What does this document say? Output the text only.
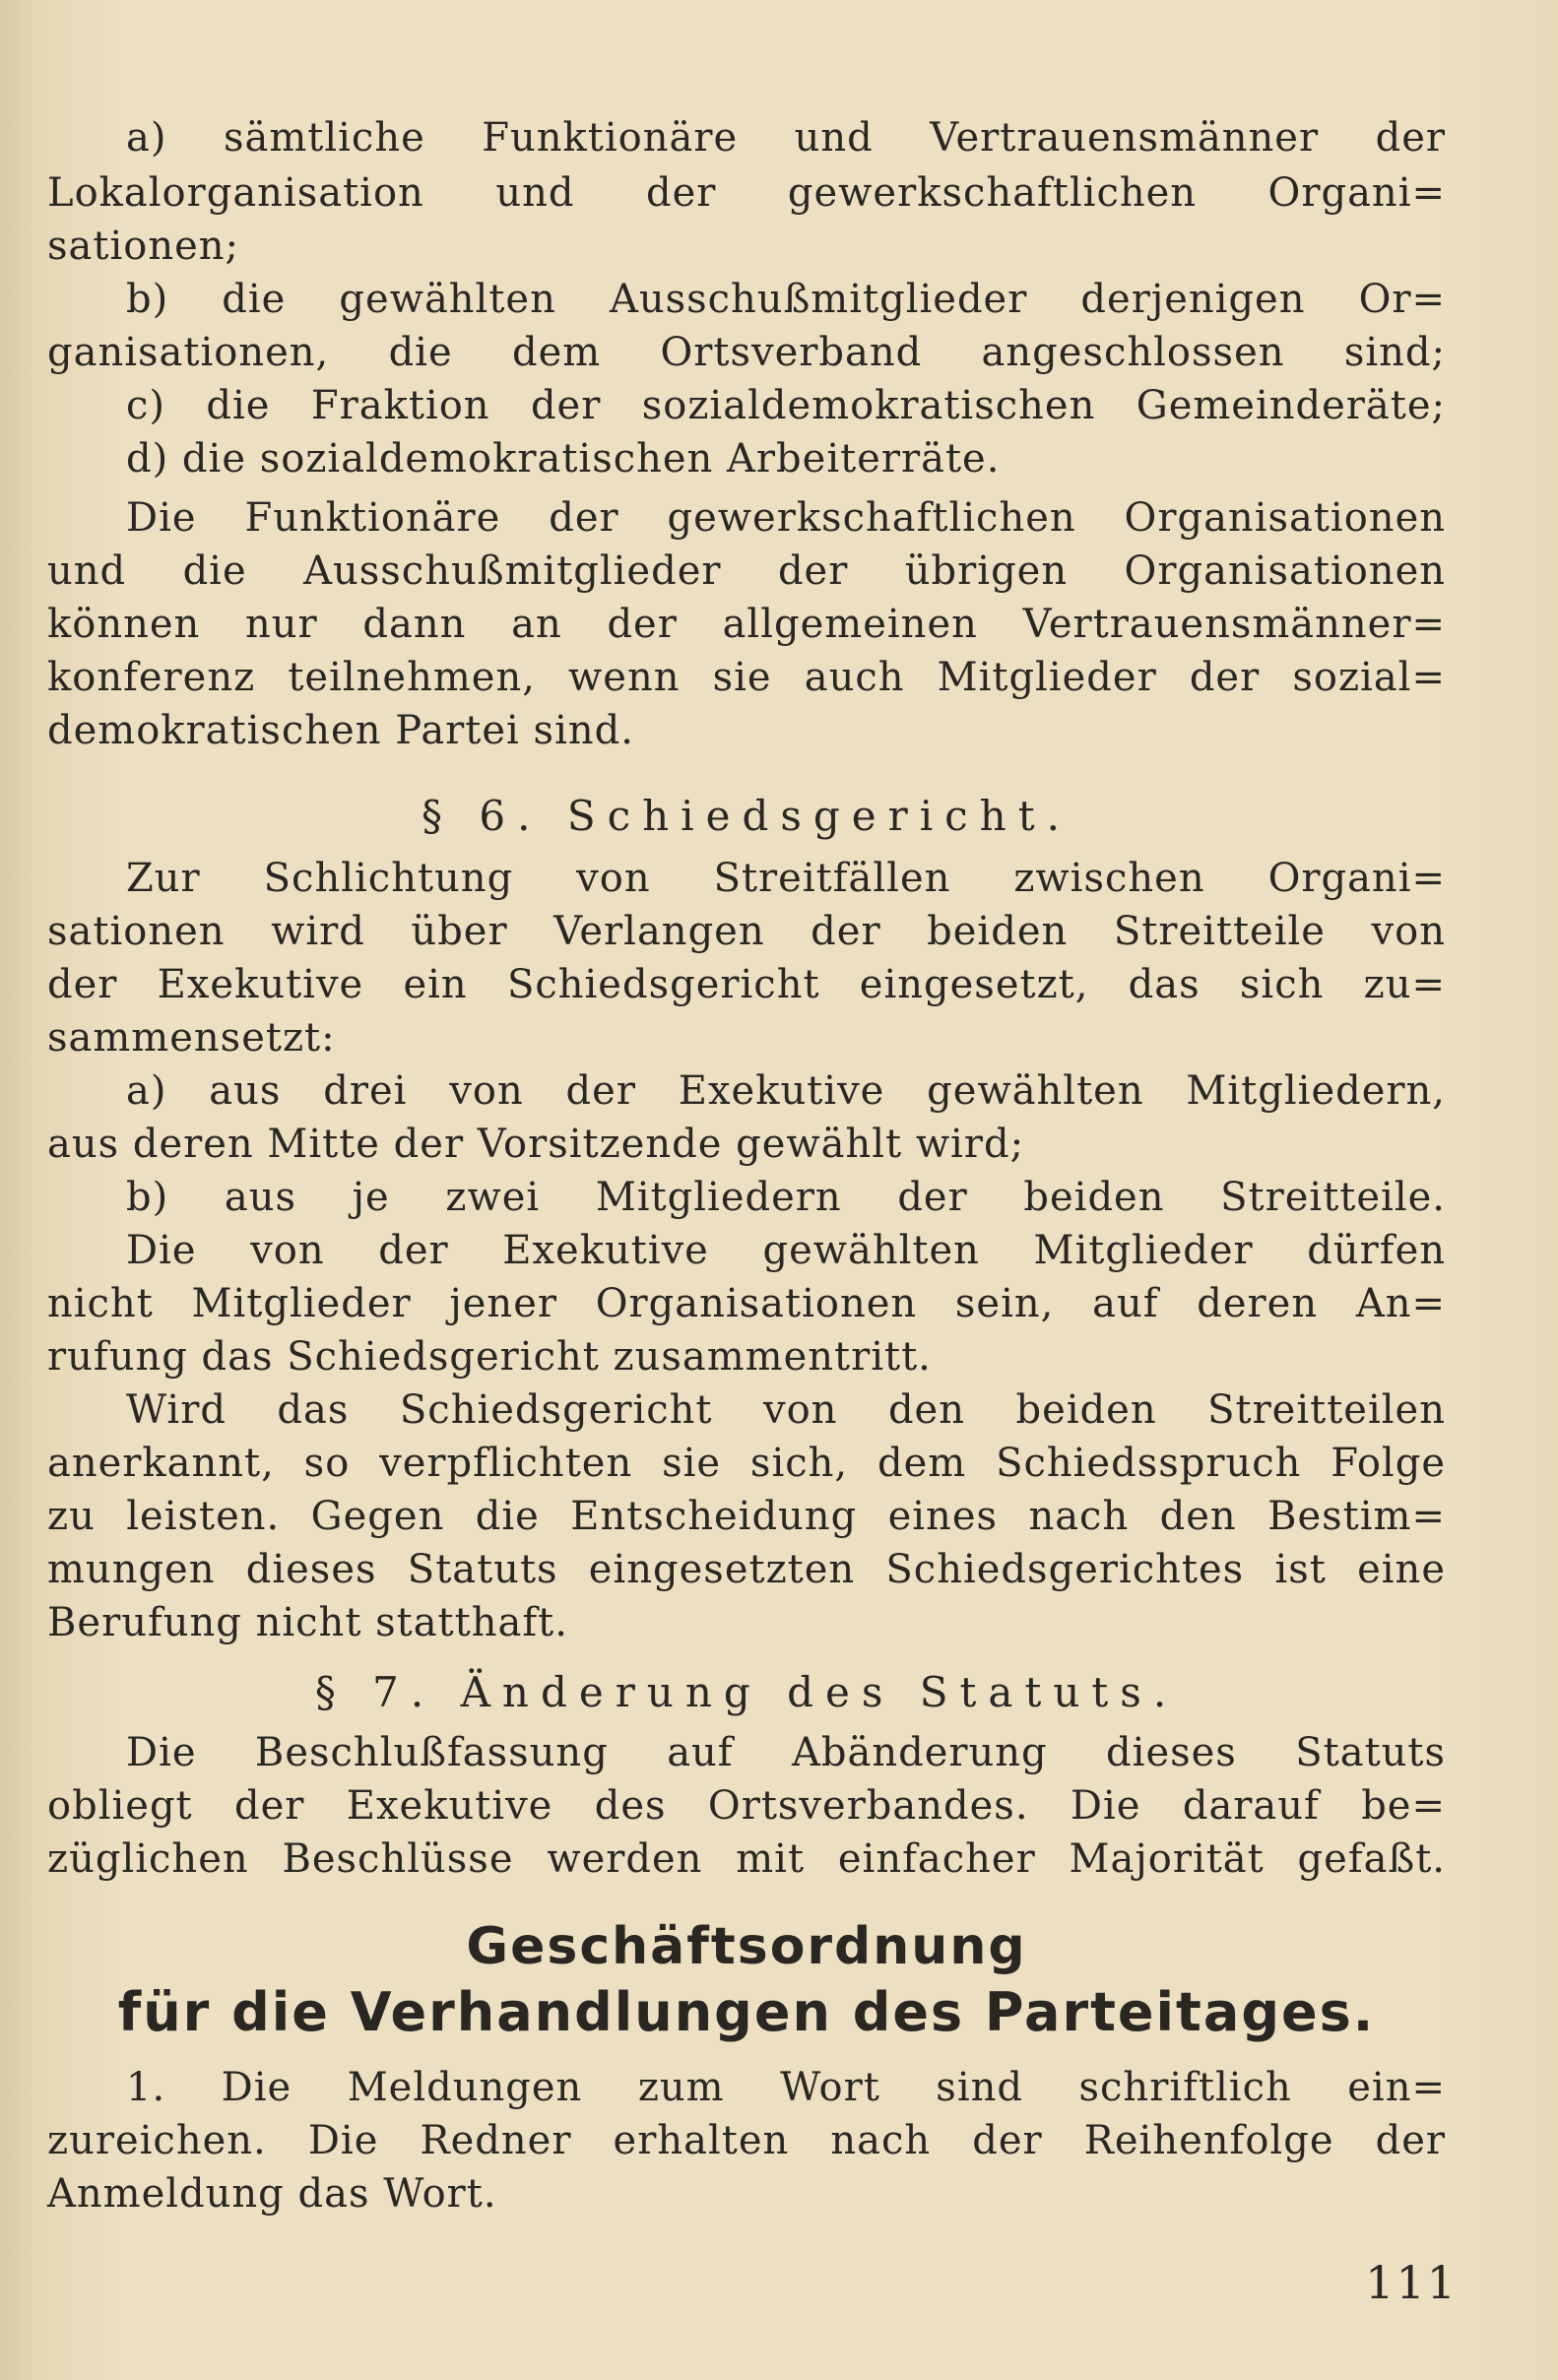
a) sämtliche Funktionäre und Vertrauensmänner der
Lokalorganisation und der gewerkschaftlichen Organi=
sationen;
b) die gewählten Ausschußmitglieder derjenigen Or=
ganisationen, die dem Ortsverband angeschlossen sind;
c) die Fraktion der sozialdemokratischen Gemeinderäte;
d) die sozialdemokratischen Arbeiterräte.
Die Funktionäre der gewerkschaftlichen Organisationen
und die Ausschußmitglieder der übrigen Organisationen
können nur dann an der allgemeinen Vertrauensmänner=
konferenz teilnehmen, wenn sie auch Mitglieder der sozial=
demokratischen Partei sind.
§ 6. Schiedsgericht.
Zur Schlichtung von Streitfällen zwischen Organi=
sationen wird über Verlangen der beiden Streitteile von
der Exekutive ein Schiedsgericht eingesetzt, das sich zu=
sammensetzt:
a) aus drei von der Exekutive gewählten Mitgliedern,
aus deren Mitte der Vorsitzende gewählt wird;
b) aus je zwei Mitgliedern der beiden Streitteile.
Die von der Exekutive gewählten Mitglieder dürfen
nicht Mitglieder jener Organisationen sein, auf deren An=
rufung das Schiedsgericht zusammentritt.
Wird das Schiedsgericht von den beiden Streitteilen
anerkannt, so verpflichten sie sich, dem Schiedsspruch Folge
zu leisten. Gegen die Entscheidung eines nach den Bestim=
mungen dieses Statuts eingesetzten Schiedsgerichtes ist eine
Berufung nicht statthaft.
§ 7. Änderung des Statuts.
Die Beschlußfassung auf Abänderung dieses Statuts
obliegt der Exekutive des Ortsverbandes. Die darauf be=
züglichen Beschlüsse werden mit einfacher Majorität gefaßt.
Geschäftsordnung
für die Verhandlungen des Parteitages.
1. Die Meldungen zum Wort sind schriftlich ein=
zureichen. Die Redner erhalten nach der Reihenfolge der
Anmeldung das Wort.
111
